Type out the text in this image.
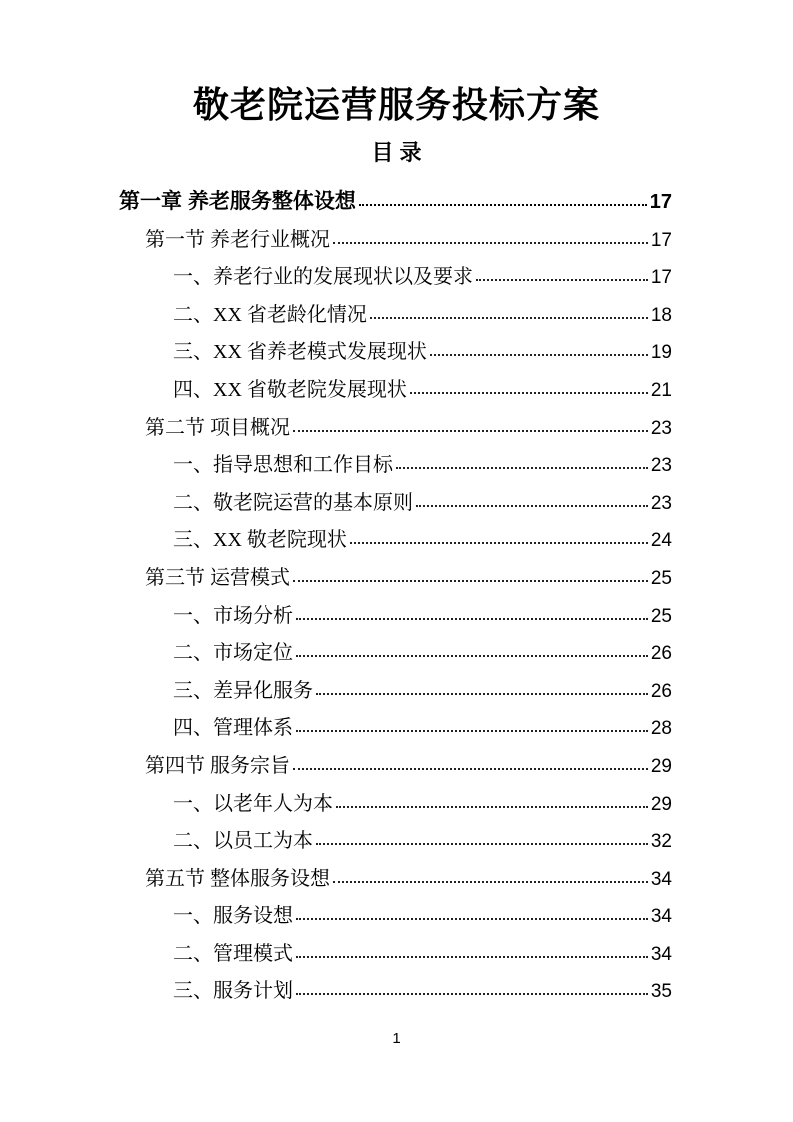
敬老院运营服务投标方案
目 录
第一章 养老服务整体设想	17
第一节 养老行业概况	17
一、养老行业的发展现状以及要求	17
二、XX 省老龄化情况	18
三、XX 省养老模式发展现状	19
四、XX 省敬老院发展现状	21
第二节 项目概况	23
一、指导思想和工作目标	23
二、敬老院运营的基本原则	23
三、XX 敬老院现状	24
第三节 运营模式	25
一、市场分析	25
二、市场定位	26
三、差异化服务	26
四、管理体系	28
第四节 服务宗旨	29
一、以老年人为本	29
二、以员工为本	32
第五节 整体服务设想	34
一、服务设想	34
二、管理模式	34
三、服务计划	35
1
